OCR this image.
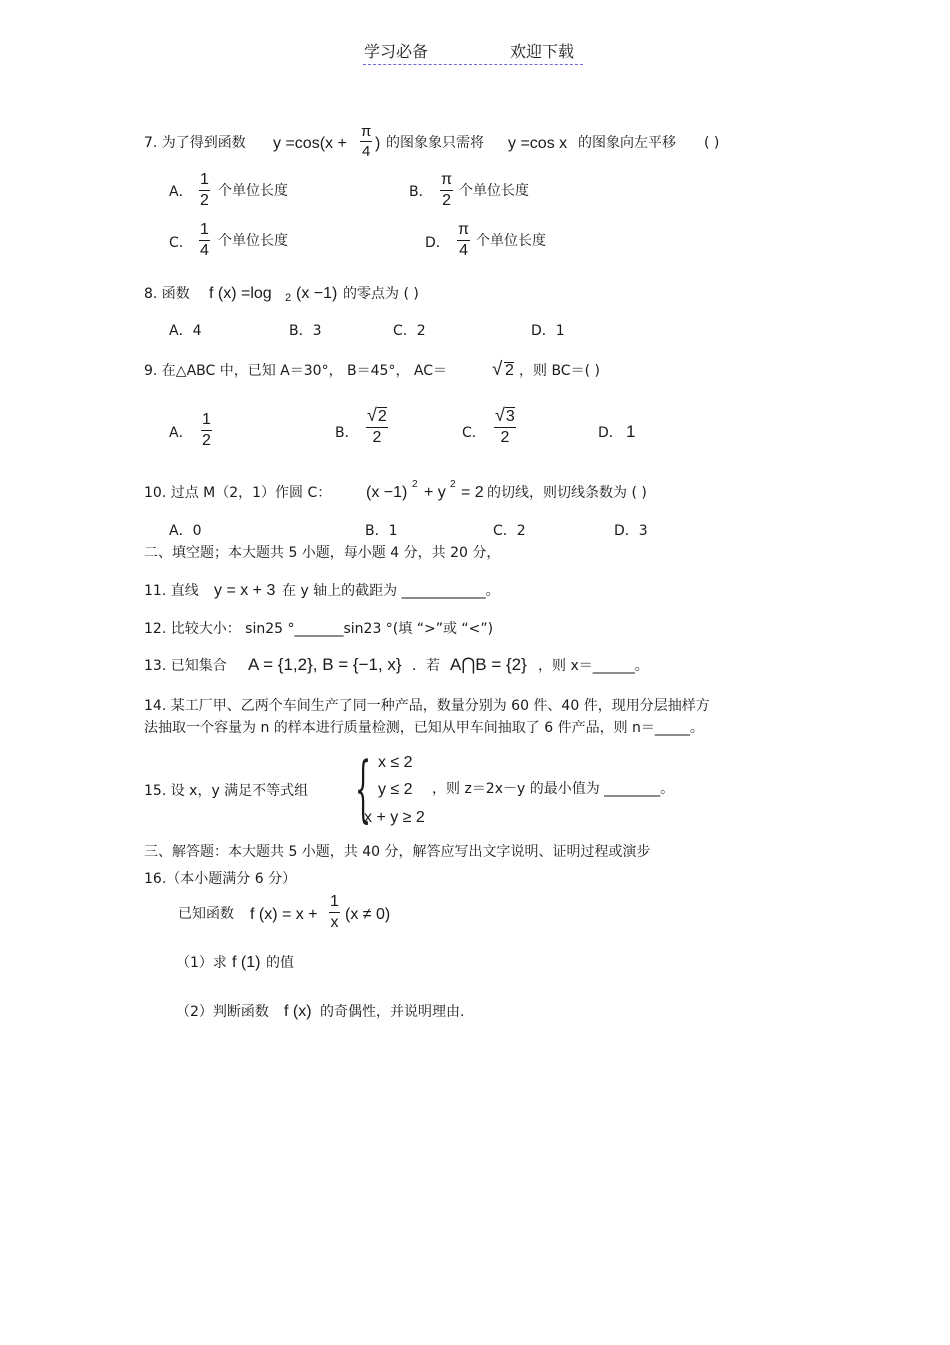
学习必备	欢迎下载
7. 为了得到函数 y =cos(x +
π
4 ) 的图象象只需将 y =cos x 的图象向左平移 ( )
A．
1
2
个单位长度	B．
π
2
个单位长度
C．
1
4
个单位长度	D．
π
4
个单位长度
8. 函数 f (x) =log 2 (x −1) 的零点为 ( )
A．4	B．3	C．2	D．1
9. 在△ABC 中，已知 A＝30°， B＝45°， AC＝ √ 2 ，则 BC＝( )
A．
1
2	B．
√2
2	C．
√3
2	D． 1
10. 过点 M（2，1）作圆 C： (x −1) 2 + y 2 = 2 的切线，则切线条数为 ( )
A．0	B．1	C．2	D．3
二、填空题；本大题共 5 小题，每小题 4 分，共 20 分，
11. 直线 y = x + 3 在 y 轴上的截距为 ____________。
12. 比较大小： sin25 °_______sin23 °(填 “>”或 “<”)
13. 已知集合 A = {1,2}, B = {−1, x} ．若 A⋂B = {2} ，则 x＝______。
14. 某工厂甲、乙两个车间生产了同一种产品，数量分别为 60 件、40 件，现用分层抽样方
法抽取一个容量为 n 的样本进行质量检测，已知从甲车间抽取了 6 件产品，则 n＝_____。
15. 设 x，y 满足不等式组 { x ≤ 2
y ≤ 2
x + y ≥ 2
，则 z＝2x－y 的最小值为 ________。
三、解答题：本大题共 5 小题，共 40 分，解答应写出文字说明、证明过程或演步
16.（本小题满分 6 分）
已知函数 f (x) = x +
1
x (x ≠ 0)
（1）求 f (1) 的值
（2）判断函数 f (x) 的奇偶性，并说明理由.
